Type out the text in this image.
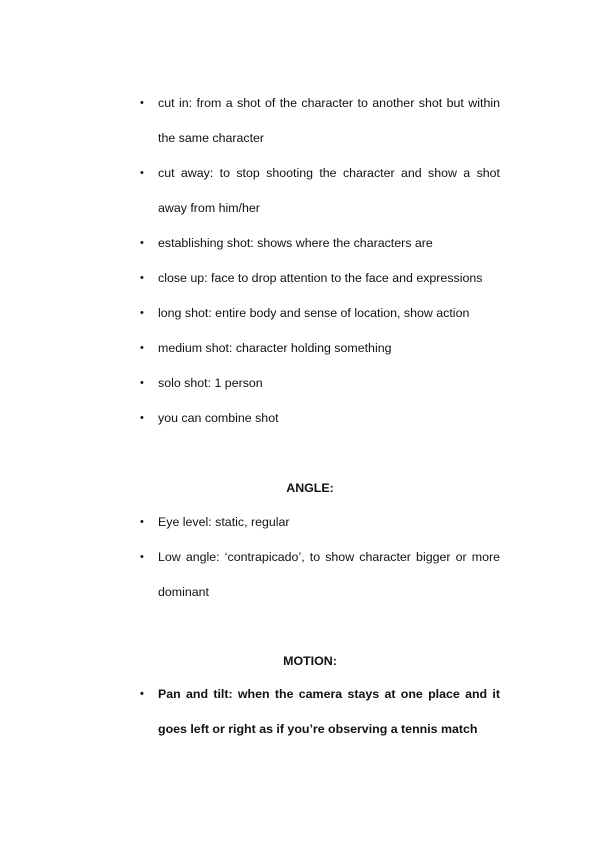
• cut in: from a shot of the character to another shot but within the same character
• cut away: to stop shooting the character and show a shot away from him/her
• establishing shot: shows where the characters are
• close up: face to drop attention to the face and expressions
• long shot: entire body and sense of location, show action
• medium shot: character holding something
• solo shot: 1 person
• you can combine shot
ANGLE:
• Eye level: static, regular
• Low angle: ‘contrapicado’, to show character bigger or more dominant
MOTION:
• Pan and tilt: when the camera stays at one place and it goes left or right as if you’re observing a tennis match
